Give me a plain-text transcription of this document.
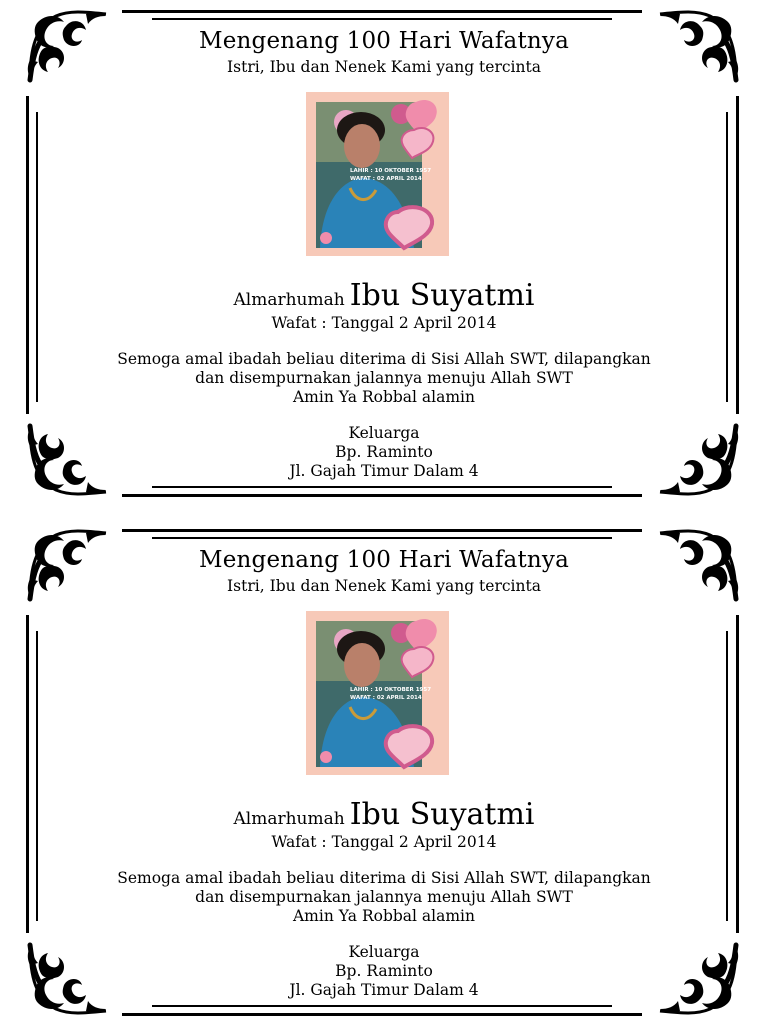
Mengenang 100 Hari Wafatnya
Istri, Ibu dan Nenek Kami yang tercinta
LAHIR : 10 OKTOBER 1957
WAFAT : 02 APRIL 2014
Almarhumah Ibu Suyatmi
Wafat : Tanggal 2 April 2014
Semoga amal ibadah beliau diterima di Sisi Allah SWT, dilapangkan
dan disempurnakan jalannya menuju Allah SWT
Amin Ya Robbal alamin
Keluarga
Bp. Raminto
Jl. Gajah Timur Dalam 4
Mengenang 100 Hari Wafatnya
Istri, Ibu dan Nenek Kami yang tercinta
LAHIR : 10 OKTOBER 1957
WAFAT : 02 APRIL 2014
Almarhumah Ibu Suyatmi
Wafat : Tanggal 2 April 2014
Semoga amal ibadah beliau diterima di Sisi Allah SWT, dilapangkan
dan disempurnakan jalannya menuju Allah SWT
Amin Ya Robbal alamin
Keluarga
Bp. Raminto
Jl. Gajah Timur Dalam 4
